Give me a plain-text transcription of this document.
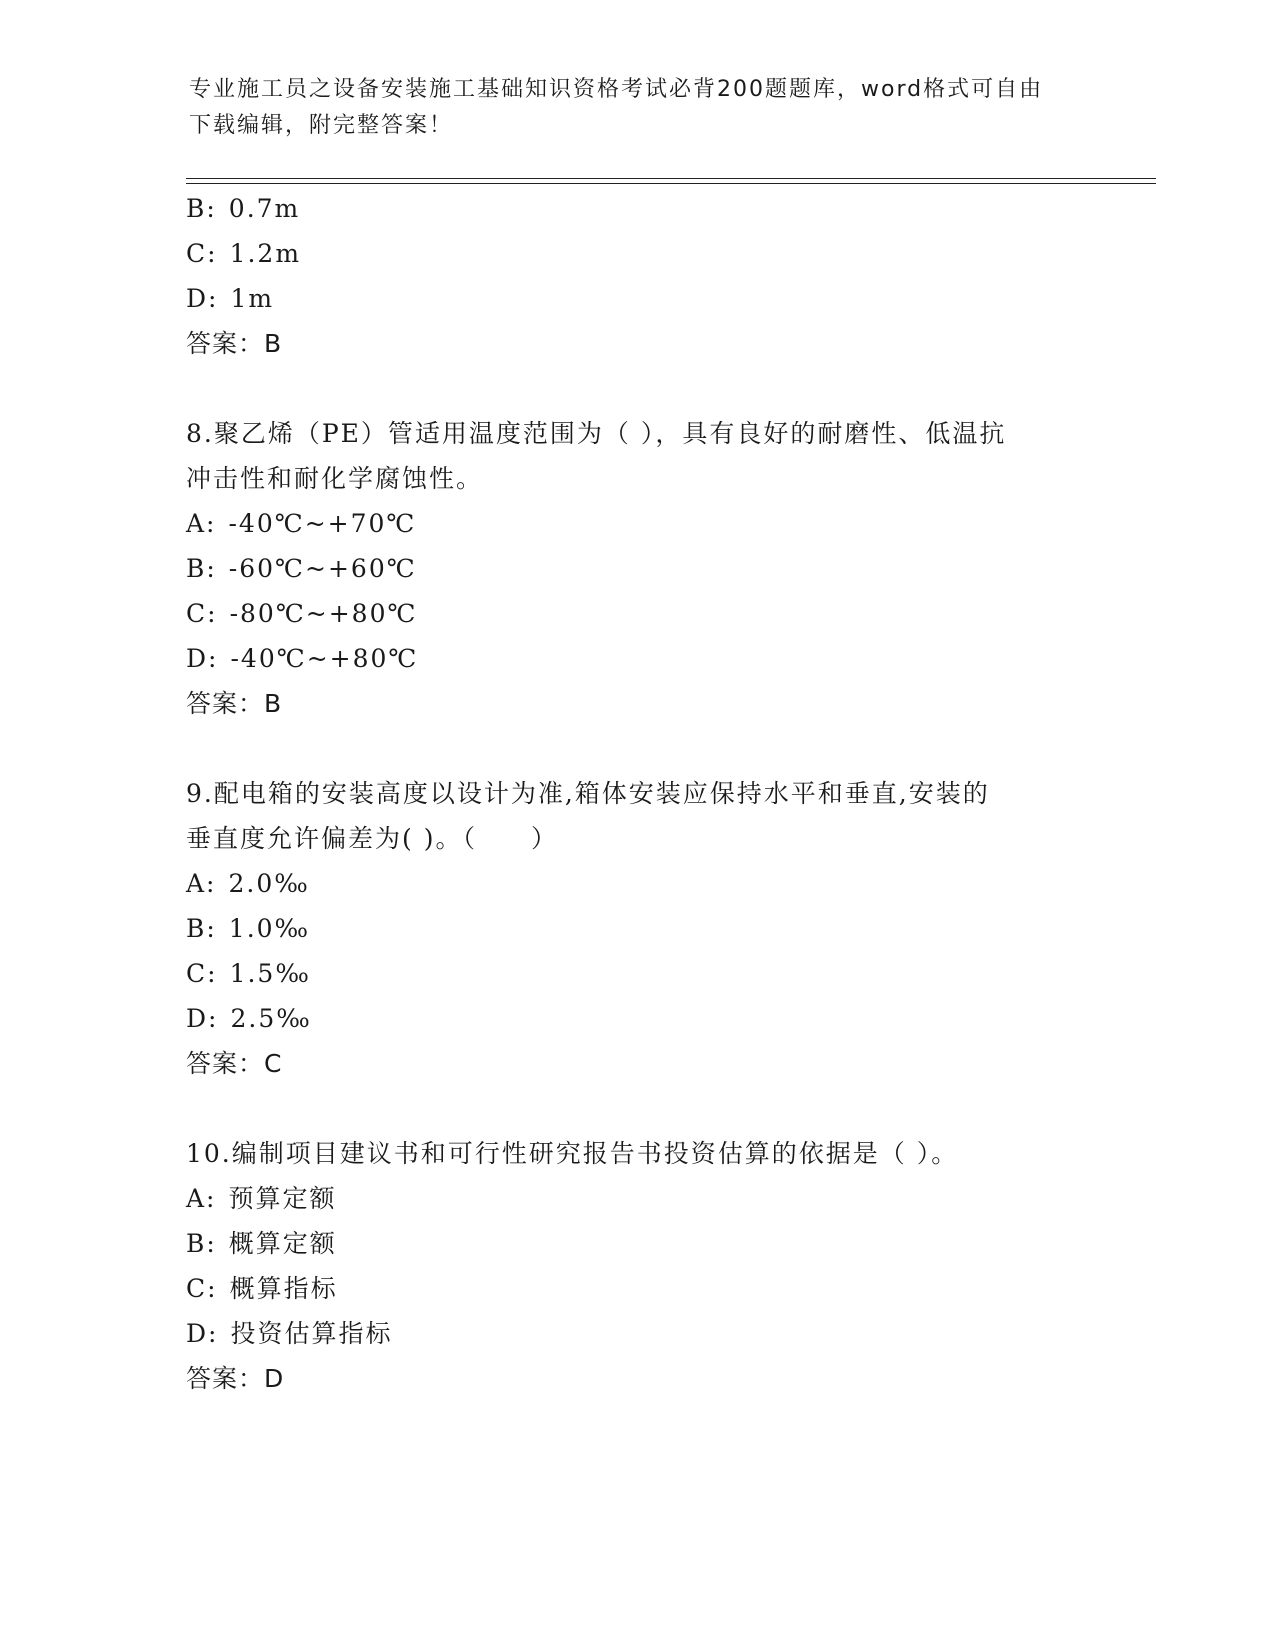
专业施工员之设备安装施工基础知识资格考试必背200题题库，word格式可自由
下载编辑，附完整答案！
B: 0.7m
C: 1.2m
D: 1m
答案：B
8.聚乙烯（PE）管适用温度范围为（ ），具有良好的耐磨性、低温抗
冲击性和耐化学腐蚀性。
A: -40℃~+70℃
B: -60℃~+60℃
C: -80℃~+80℃
D: -40℃~+80℃
答案：B
9.配电箱的安装高度以设计为准,箱体安装应保持水平和垂直,安装的
垂直度允许偏差为( )。（　　）
A: 2.0‰
B: 1.0‰
C: 1.5‰
D: 2.5‰
答案：C
10.编制项目建议书和可行性研究报告书投资估算的依据是（ ）。
A: 预算定额
B: 概算定额
C: 概算指标
D: 投资估算指标
答案：D
